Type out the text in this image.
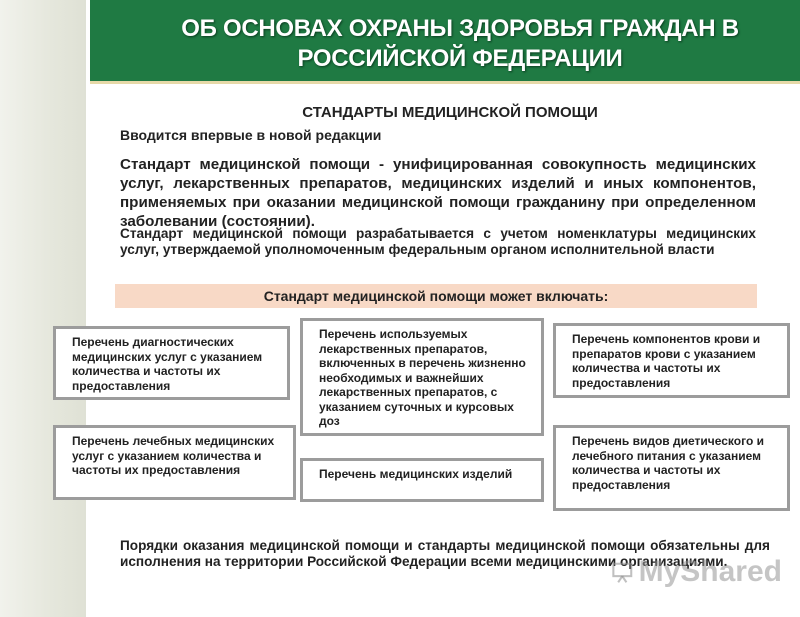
ОБ ОСНОВАХ ОХРАНЫ ЗДОРОВЬЯ ГРАЖДАН В
РОССИЙСКОЙ ФЕДЕРАЦИИ
СТАНДАРТЫ МЕДИЦИНСКОЙ ПОМОЩИ
Вводится впервые в новой редакции
Стандарт медицинской помощи - унифицированная совокупность медицинских услуг, лекарственных препаратов, медицинских изделий и иных компонентов, применяемых при оказании медицинской помощи гражданину при определенном заболевании (состоянии).
Стандарт медицинской помощи разрабатывается с учетом номенклатуры медицинских услуг, утверждаемой уполномоченным федеральным органом исполнительной власти
Стандарт медицинской помощи может включать:
Перечень диагностических медицинских услуг с указанием количества и частоты их предоставления
Перечень используемых лекарственных препаратов, включенных в перечень жизненно необходимых и важнейших лекарственных препаратов, с указанием суточных и курсовых доз
Перечень компонентов крови и препаратов крови с указанием количества и частоты их предоставления
Перечень лечебных медицинских услуг с указанием количества и частоты их предоставления	Перечень медицинских изделий
Перечень видов диетического и лечебного питания с указанием количества и частоты их предоставления
Порядки оказания медицинской помощи и стандарты медицинской помощи обязательны для исполнения на территории Российской Федерации всеми медицинскими организациями.
MyShared
